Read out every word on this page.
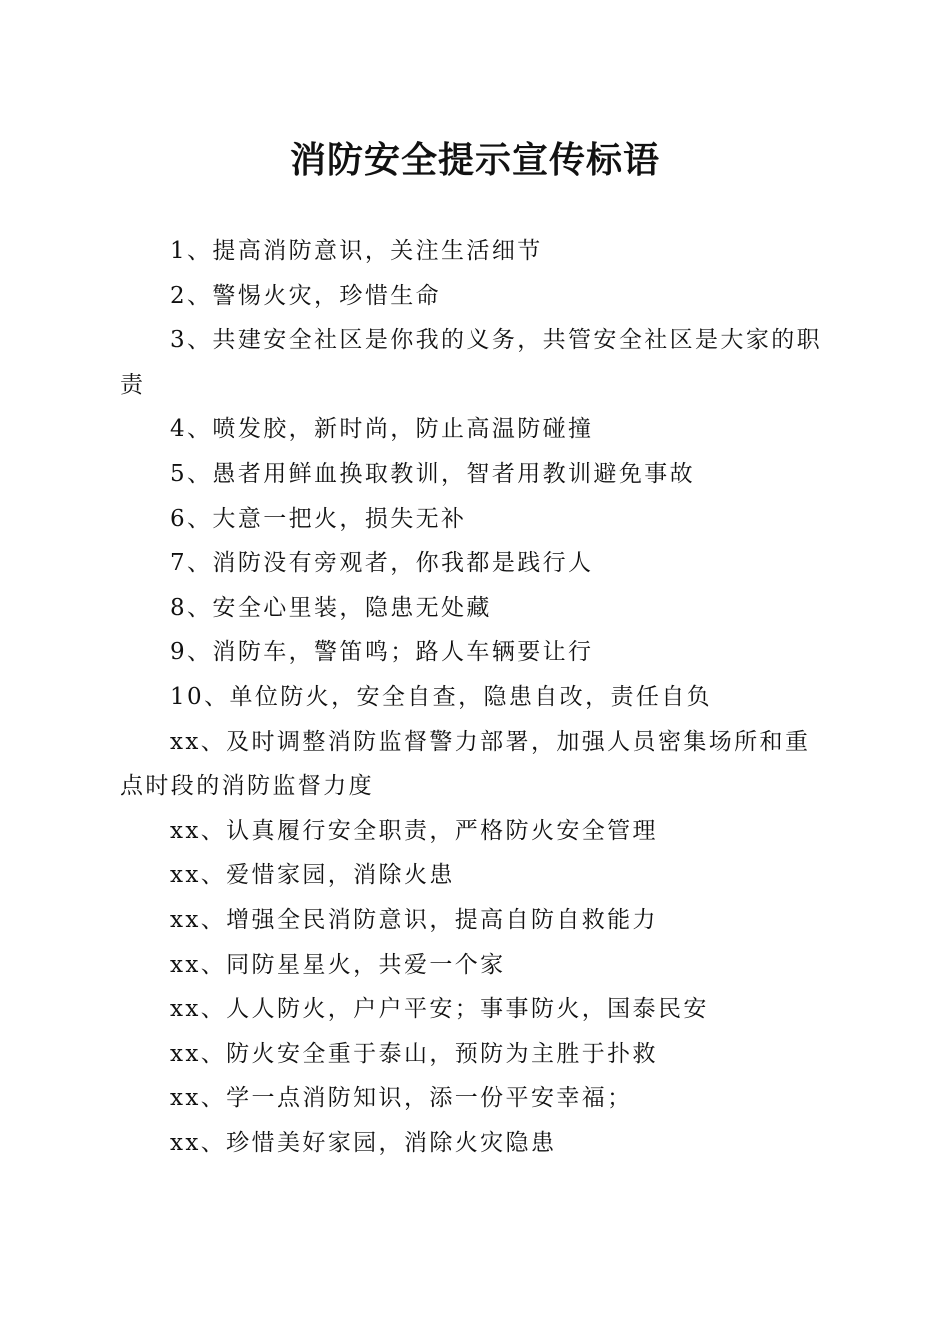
消防安全提示宣传标语

1、提高消防意识，关注生活细节

2、警惕火灾，珍惜生命

3、共建安全社区是你我的义务，共管安全社区是大家的职责

4、喷发胶，新时尚，防止高温防碰撞

5、愚者用鲜血换取教训，智者用教训避免事故

6、大意一把火，损失无补

7、消防没有旁观者，你我都是践行人

8、安全心里装，隐患无处藏

9、消防车，警笛鸣；路人车辆要让行

10、单位防火，安全自查，隐患自改，责任自负

xx、及时调整消防监督警力部署，加强人员密集场所和重点时段的消防监督力度

xx、认真履行安全职责，严格防火安全管理

xx、爱惜家园，消除火患

xx、增强全民消防意识，提高自防自救能力

xx、同防星星火，共爱一个家

xx、人人防火，户户平安；事事防火，国泰民安

xx、防火安全重于泰山，预防为主胜于扑救

xx、学一点消防知识，添一份平安幸福；

xx、珍惜美好家园，消除火灾隐患
